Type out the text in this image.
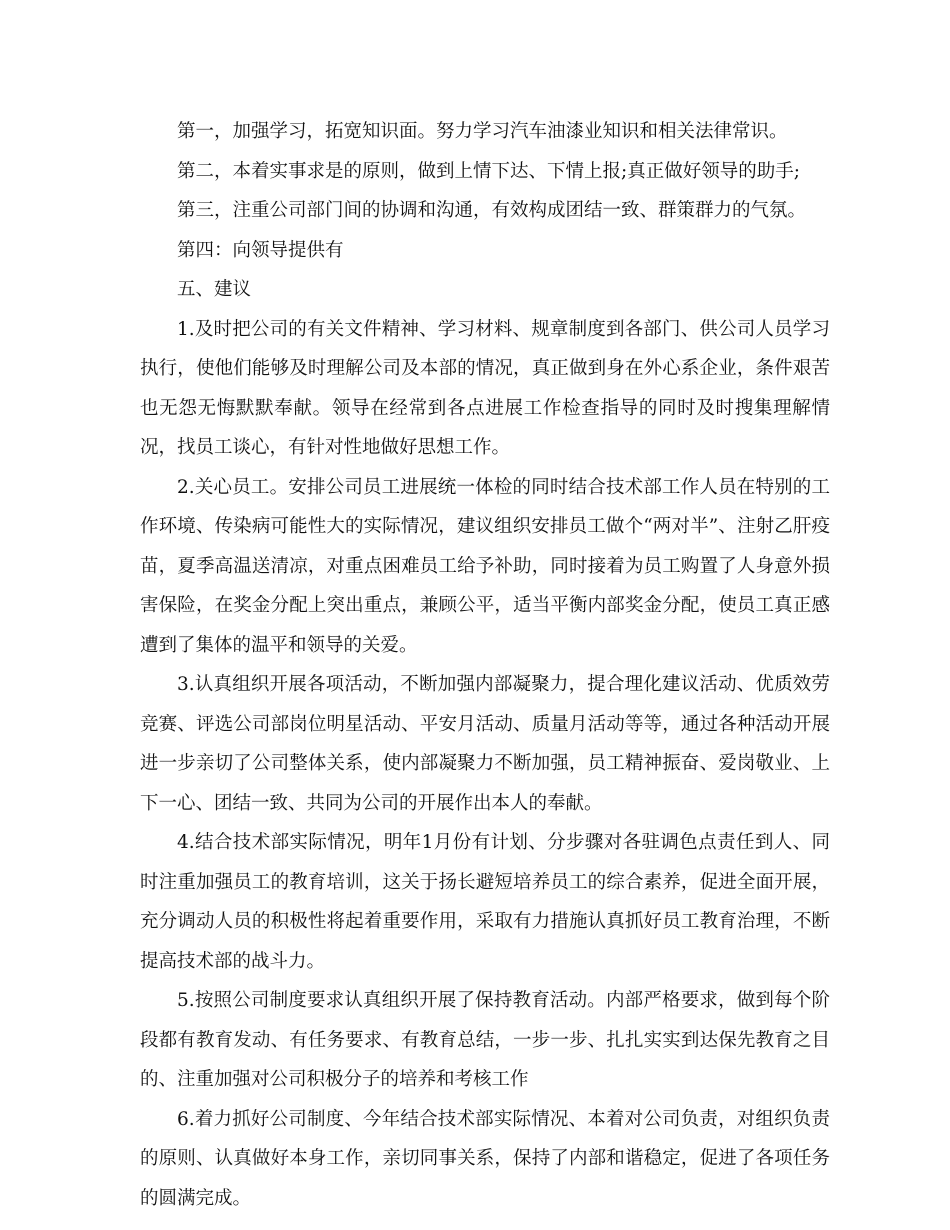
第一，加强学习，拓宽知识面。努力学习汽车油漆业知识和相关法律常识。

第二，本着实事求是的原则，做到上情下达、下情上报;真正做好领导的助手;

第三，注重公司部门间的协调和沟通，有效构成团结一致、群策群力的气氛。

第四：向领导提供有

五、建议

1.及时把公司的有关文件精神、学习材料、规章制度到各部门、供公司人员学习执行，使他们能够及时理解公司及本部的情况，真正做到身在外心系企业，条件艰苦也无怨无悔默默奉献。领导在经常到各点进展工作检查指导的同时及时搜集理解情况，找员工谈心，有针对性地做好思想工作。

2.关心员工。安排公司员工进展统一体检的同时结合技术部工作人员在特别的工作环境、传染病可能性大的实际情况，建议组织安排员工做个“两对半”、注射乙肝疫苗，夏季高温送清凉，对重点困难员工给予补助，同时接着为员工购置了人身意外损害保险，在奖金分配上突出重点，兼顾公平，适当平衡内部奖金分配，使员工真正感遭到了集体的温平和领导的关爱。

3.认真组织开展各项活动，不断加强内部凝聚力，提合理化建议活动、优质效劳竞赛、评选公司部岗位明星活动、平安月活动、质量月活动等等，通过各种活动开展进一步亲切了公司整体关系，使内部凝聚力不断加强，员工精神振奋、爱岗敬业、上下一心、团结一致、共同为公司的开展作出本人的奉献。

4.结合技术部实际情况，明年1月份有计划、分步骤对各驻调色点责任到人、同时注重加强员工的教育培训，这关于扬长避短培养员工的综合素养，促进全面开展，充分调动人员的积极性将起着重要作用，采取有力措施认真抓好员工教育治理，不断提高技术部的战斗力。

5.按照公司制度要求认真组织开展了保持教育活动。内部严格要求，做到每个阶段都有教育发动、有任务要求、有教育总结，一步一步、扎扎实实到达保先教育之目的、注重加强对公司积极分子的培养和考核工作

6.着力抓好公司制度、今年结合技术部实际情况、本着对公司负责，对组织负责的原则、认真做好本身工作，亲切同事关系，保持了内部和谐稳定，促进了各项任务的圆满完成。
